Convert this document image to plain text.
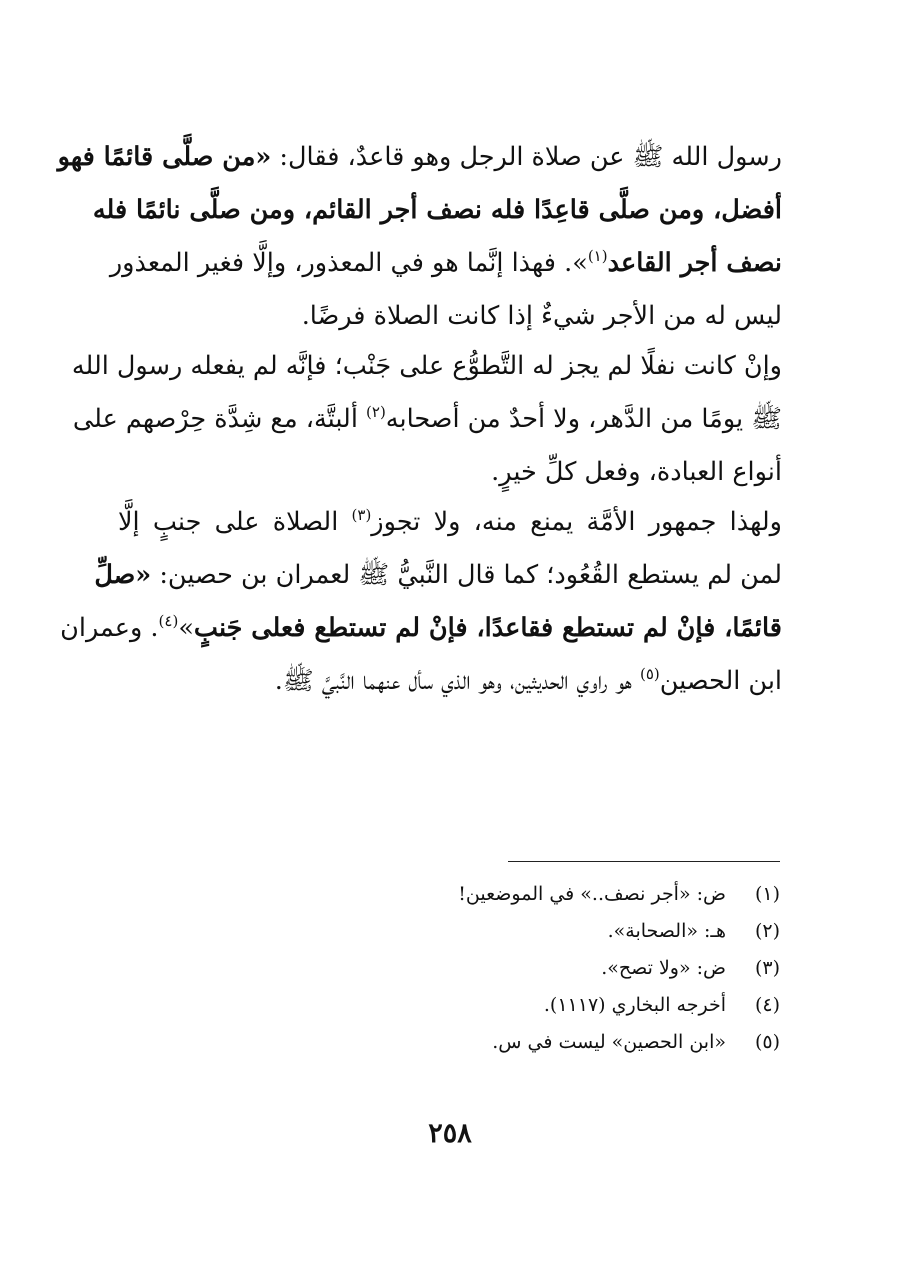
رسول الله ﷺ عن صلاة الرجل وهو قاعدٌ، فقال: «من صلَّى قائمًا فهو
أفضل، ومن صلَّى قاعِدًا فله نصف أجر القائم، ومن صلَّى نائمًا فله
نصف أجر القاعد$^{(١)}$». فهذا إنَّما هو في المعذور، وإلَّا فغير المعذور
ليس له من الأجر شيءٌ إذا كانت الصلاة فرضًا.
وإنْ كانت نفلًا لم يجز له التَّطوُّع على جَنْب؛ فإنَّه لم يفعله رسول الله
ﷺ يومًا من الدَّهر، ولا أحدٌ من أصحابه$^{(٢)}$ ألبتَّة، مع شِدَّة حِرْصهم على
أنواع العبادة، وفعل كلِّ خيرٍ.
ولهذا جمهور الأمَّة يمنع منه، ولا تجوز$^{(٣)}$ الصلاة على جنبٍ إلَّا
لمن لم يستطع القُعُود؛ كما قال النَّبيُّ ﷺ لعمران بن حصين: «صلِّ
قائمًا، فإنْ لم تستطع فقاعدًا، فإنْ لم تستطع فعلى جَنبٍ»$^{(٤)}$. وعمران
ابن الحصين$^{(٥)}$ هو راوي الحديثين، وهو الذي سأل عنهما النَّبيَّ ﷺ.
(١)
ض: «أجر نصف..» في الموضعين!
(٢)
هـ: «الصحابة».
(٣)
ض: «ولا تصح».
(٤)
أخرجه البخاري (١١١٧).
(٥)
«ابن الحصين» ليست في س.
٢٥٨
